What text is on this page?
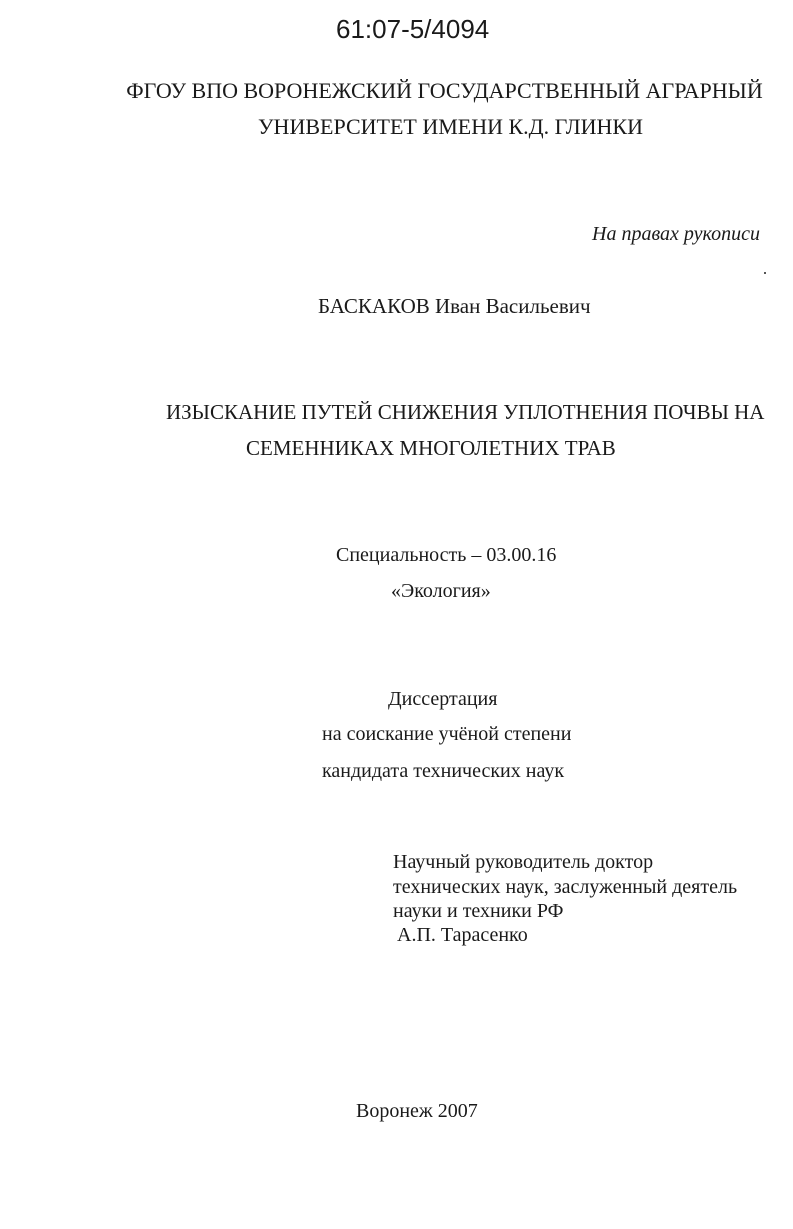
61:07-5/4094
ФГОУ ВПО ВОРОНЕЖСКИЙ ГОСУДАРСТВЕННЫЙ АГРАРНЫЙ
УНИВЕРСИТЕТ ИМЕНИ К.Д. ГЛИНКИ
На правах рукописи
БАСКАКОВ Иван Васильевич
ИЗЫСКАНИЕ ПУТЕЙ СНИЖЕНИЯ УПЛОТНЕНИЯ ПОЧВЫ НА
СЕМЕННИКАХ МНОГОЛЕТНИХ ТРАВ
Специальность – 03.00.16
«Экология»
Диссертация
на соискание учёной степени
кандидата технических наук
Научный руководитель доктор
технических наук, заслуженный деятель
науки и техники РФ
А.П. Тарасенко
Воронеж 2007
